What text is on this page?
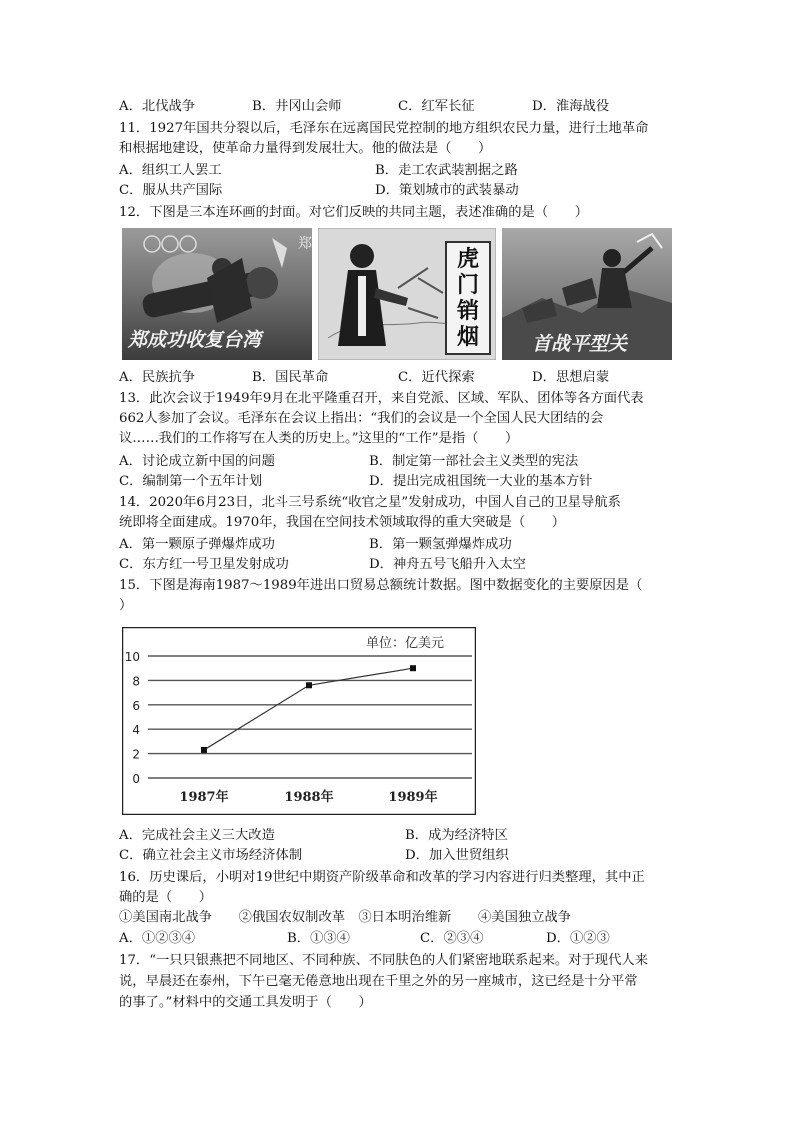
A．北伐战争	B．井冈山会师	C．红军长征	D．淮海战役
11．1927年国共分裂以后，毛泽东在远离国民党控制的地方组织农民力量，进行土地革命
和根据地建设，使革命力量得到发展壮大。他的做法是（　　）
A．组织工人罢工	B．走工农武装割据之路
C．服从共产国际	D．策划城市的武装暴动
12．下图是三本连环画的封面。对它们反映的共同主题，表述准确的是（　　）
郑
郑成功收复台湾
虎
门
销
烟	首战平型关
A．民族抗争	B．国民革命	C．近代探索	D．思想启蒙
13．此次会议于1949年9月在北平隆重召开，来自党派、区域、军队、团体等各方面代表
662人参加了会议。毛泽东在会议上指出：“我们的会议是一个全国人民大团结的会
议……我们的工作将写在人类的历史上。”这里的“工作”是指（　　）
A．讨论成立新中国的问题	B．制定第一部社会主义类型的宪法
C．编制第一个五年计划	D．提出完成祖国统一大业的基本方针
14．2020年6月23日，北斗三号系统“收官之星”发射成功，中国人自己的卫星导航系
统即将全面建成。1970年，我国在空间技术领域取得的重大突破是（　　）
A．第一颗原子弹爆炸成功	B．第一颗氢弹爆炸成功
C．东方红一号卫星发射成功	D．神舟五号飞船升入太空
15．下图是海南1987～1989年进出口贸易总额统计数据。图中数据变化的主要原因是（
）
0
2
4
6
8
10
1987年	1988年	1989年
单位：亿美元
A．完成社会主义三大改造	B．成为经济特区
C．确立社会主义市场经济体制	D．加入世贸组织
16．历史课后，小明对19世纪中期资产阶级革命和改革的学习内容进行归类整理，其中正
确的是（　　）
①美国南北战争　　②俄国农奴制改革　③日本明治维新　　④美国独立战争
A．①②③④	B．①③④	C．②③④	D．①②③
17．“一只只银燕把不同地区、不同种族、不同肤色的人们紧密地联系起来。对于现代人来
说，早晨还在泰州，下午已毫无倦意地出现在千里之外的另一座城市，这已经是十分平常
的事了。”材料中的交通工具发明于（　　）
